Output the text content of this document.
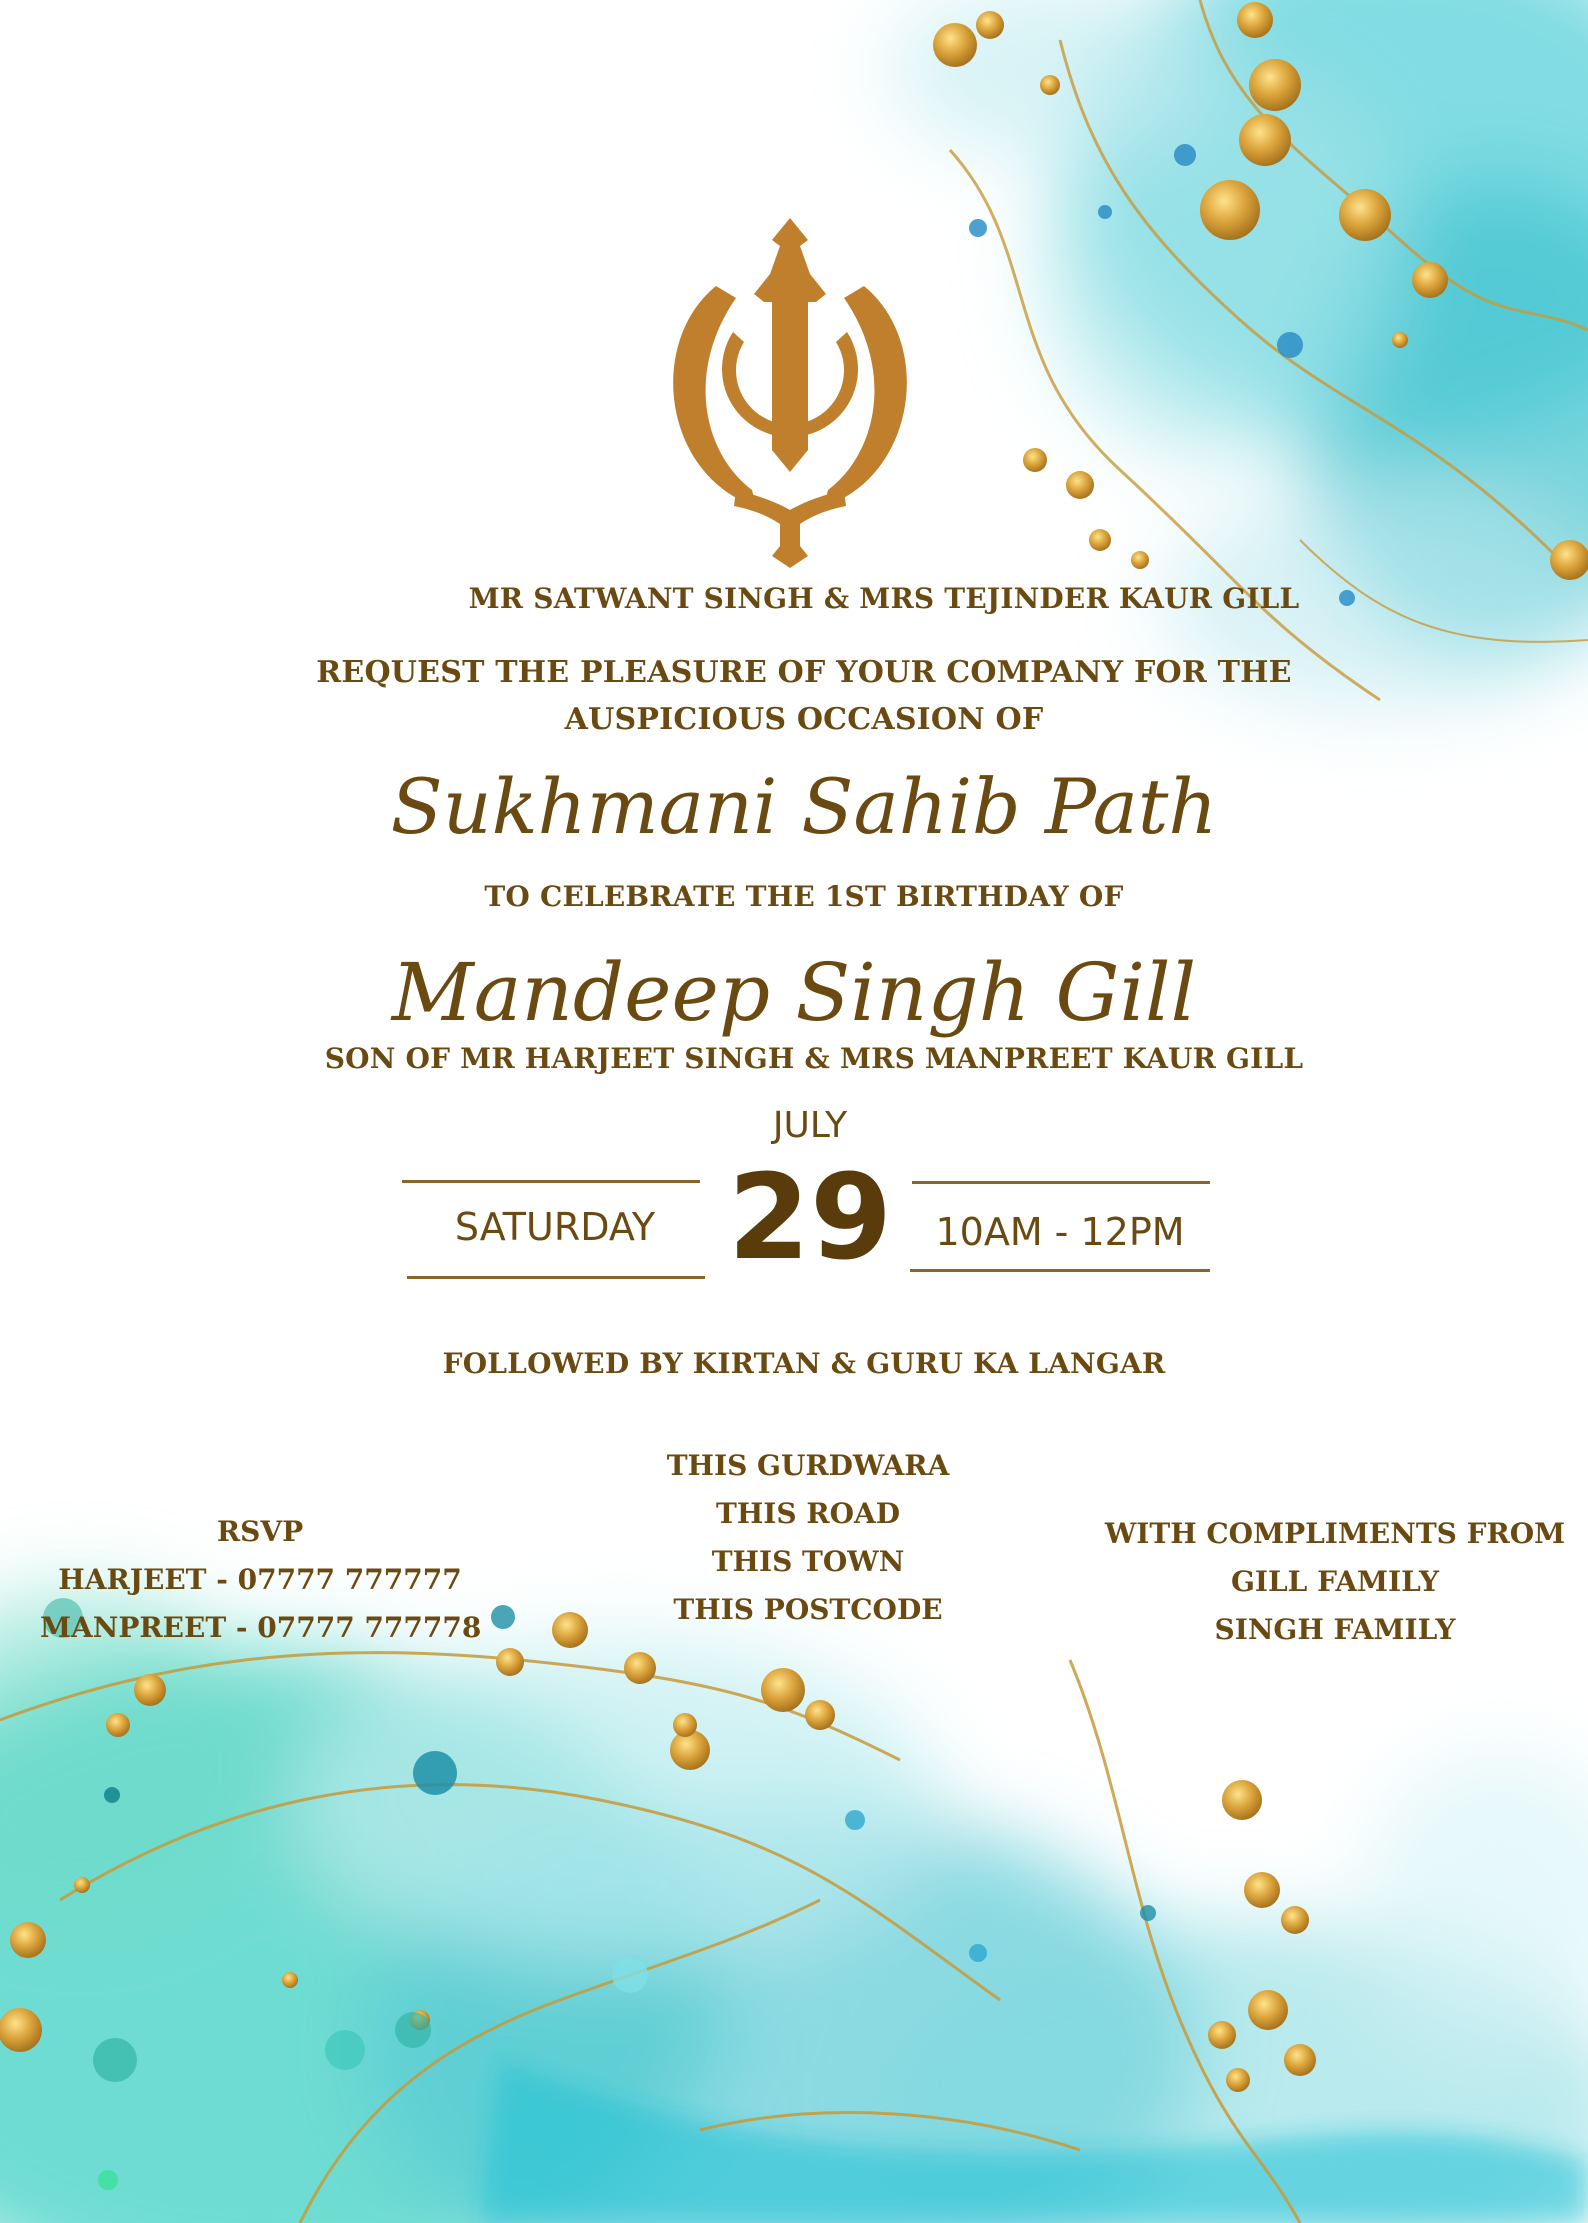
MR SATWANT SINGH & MRS TEJINDER KAUR GILL
REQUEST THE PLEASURE OF YOUR COMPANY FOR THE
AUSPICIOUS OCCASION OF
Sukhmani Sahib Path
TO CELEBRATE THE 1ST BIRTHDAY OF
Mandeep Singh Gill
SON OF MR HARJEET SINGH & MRS MANPREET KAUR GILL
JULY
SATURDAY 29	10AM - 12PM
FOLLOWED BY KIRTAN & GURU KA LANGAR
THIS GURDWARA
THIS ROAD
THIS TOWN
THIS POSTCODE
RSVP
HARJEET - 07777 777777
MANPREET - 07777 777778
WITH COMPLIMENTS FROM
GILL FAMILY
SINGH FAMILY
